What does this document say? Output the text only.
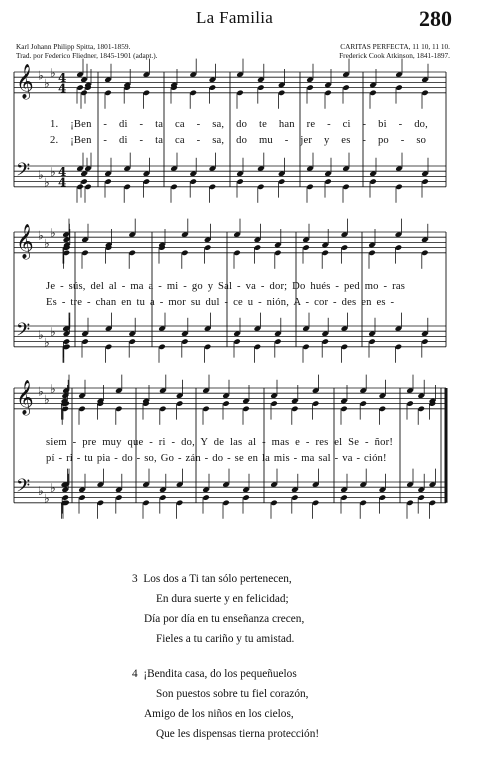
La Familia	280
Karl Johann Philipp Spitta, 1801-1859.
Trad. por Federico Fliedner, 1845-1901 (adapt.).
CARITAS PERFECTA, 11 10, 11 10.
Frederick Cook Atkinson, 1841-1897.
𝄞 ♭
♭
♭ 4
4
𝄢 ♭
♭
♭ 4
4
𝄞 ♭
♭
♭
𝄢 ♭
♭
♭
𝄞 ♭
♭
♭
𝄢 ♭
♭
♭
1. ¡Ben - di - ta ca - sa, do te han re - ci - bi - do,
2. ¡Ben - di - ta ca - sa, do mu - jer y es - po - so
Je - sús, del al - ma a - mi - go y Sal - va - dor; Do hués - ped mo - ras
Es - tre - chan en tu a - mor su dul - ce u - nión, A - cor - des en es -
siem - pre muy que - ri - do, Y de las al - mas e - res el Se - ñor!
pí - ri - tu pia - do - so, Go - zán - do - se en la mis - ma sal - va - ción!
3 Los dos a Ti tan sólo pertenecen,
En dura suerte y en felicidad;
Día por día en tu enseñanza crecen,
Fieles a tu cariño y tu amistad.
4 ¡Bendita casa, do los pequeñuelos
Son puestos sobre tu fiel corazón,
Amigo de los niños en los cielos,
Que les dispensas tierna protección!
